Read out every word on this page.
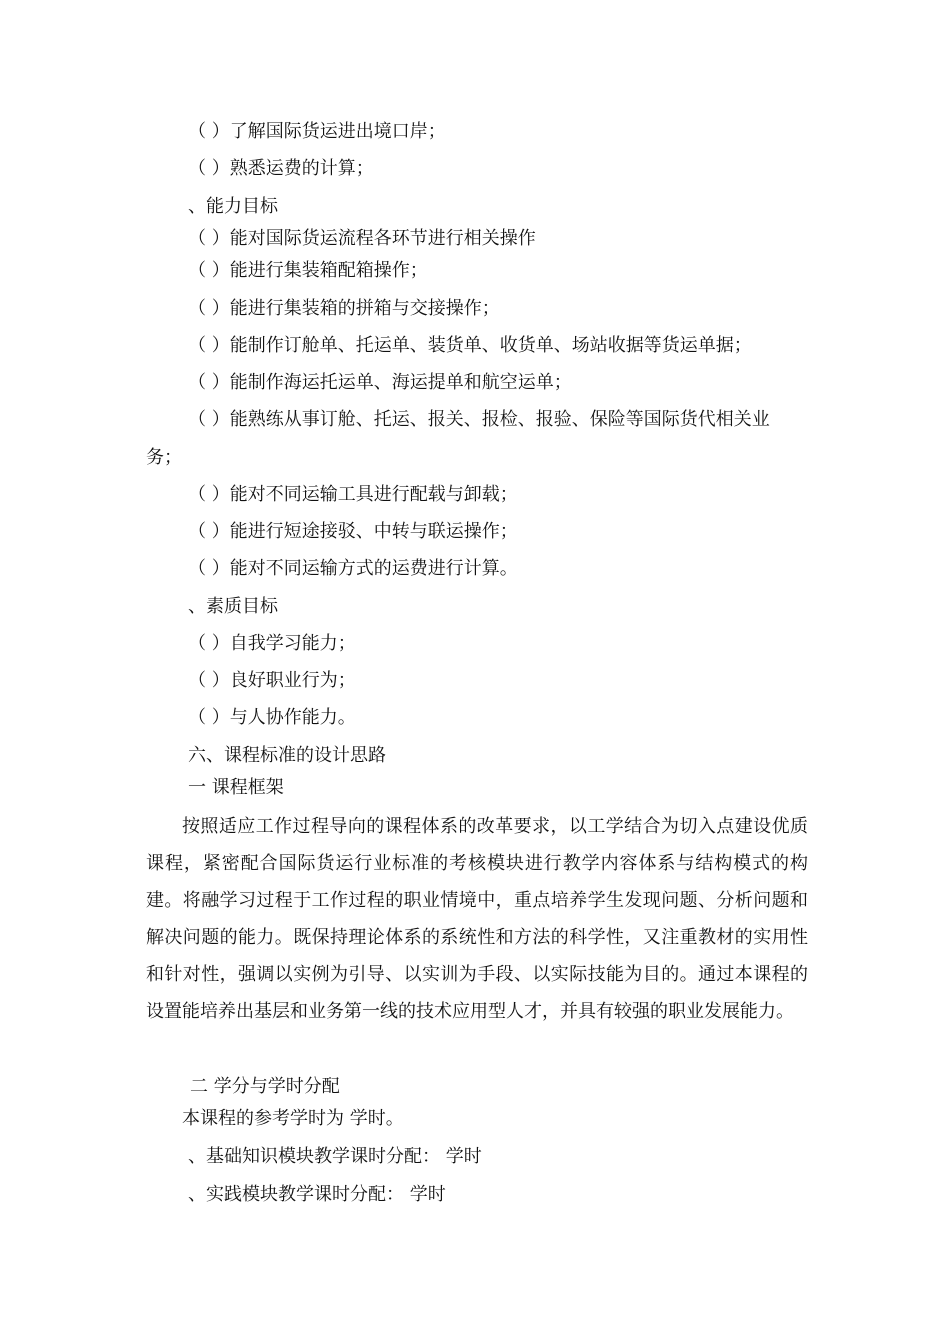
（ ）了解国际货运进出境口岸；
（ ）熟悉运费的计算；
、能力目标
（ ）能对国际货运流程各环节进行相关操作
（ ）能进行集装箱配箱操作；
（ ）能进行集装箱的拼箱与交接操作；
（ ）能制作订舱单、托运单、装货单、收货单、场站收据等货运单据；
（ ）能制作海运托运单、海运提单和航空运单；
（ ）能熟练从事订舱、托运、报关、报检、报验、保险等国际货代相关业
务；
（ ）能对不同运输工具进行配载与卸载；
（ ）能进行短途接驳、中转与联运操作；
（ ）能对不同运输方式的运费进行计算。
、素质目标
（ ）自我学习能力；
（ ）良好职业行为；
（ ）与人协作能力。
六、课程标准的设计思路
一 课程框架
按照适应工作过程导向的课程体系的改革要求，以工学结合为切入点建设优质课程，紧密配合国际货运行业标准的考核模块进行教学内容体系与结构模式的构建。将融学习过程于工作过程的职业情境中，重点培养学生发现问题、分析问题和解决问题的能力。既保持理论体系的系统性和方法的科学性，又注重教材的实用性和针对性，强调以实例为引导、以实训为手段、以实际技能为目的。通过本课程的设置能培养出基层和业务第一线的技术应用型人才，并具有较强的职业发展能力。
二 学分与学时分配
本课程的参考学时为 学时。
、基础知识模块教学课时分配： 学时
、实践模块教学课时分配： 学时
